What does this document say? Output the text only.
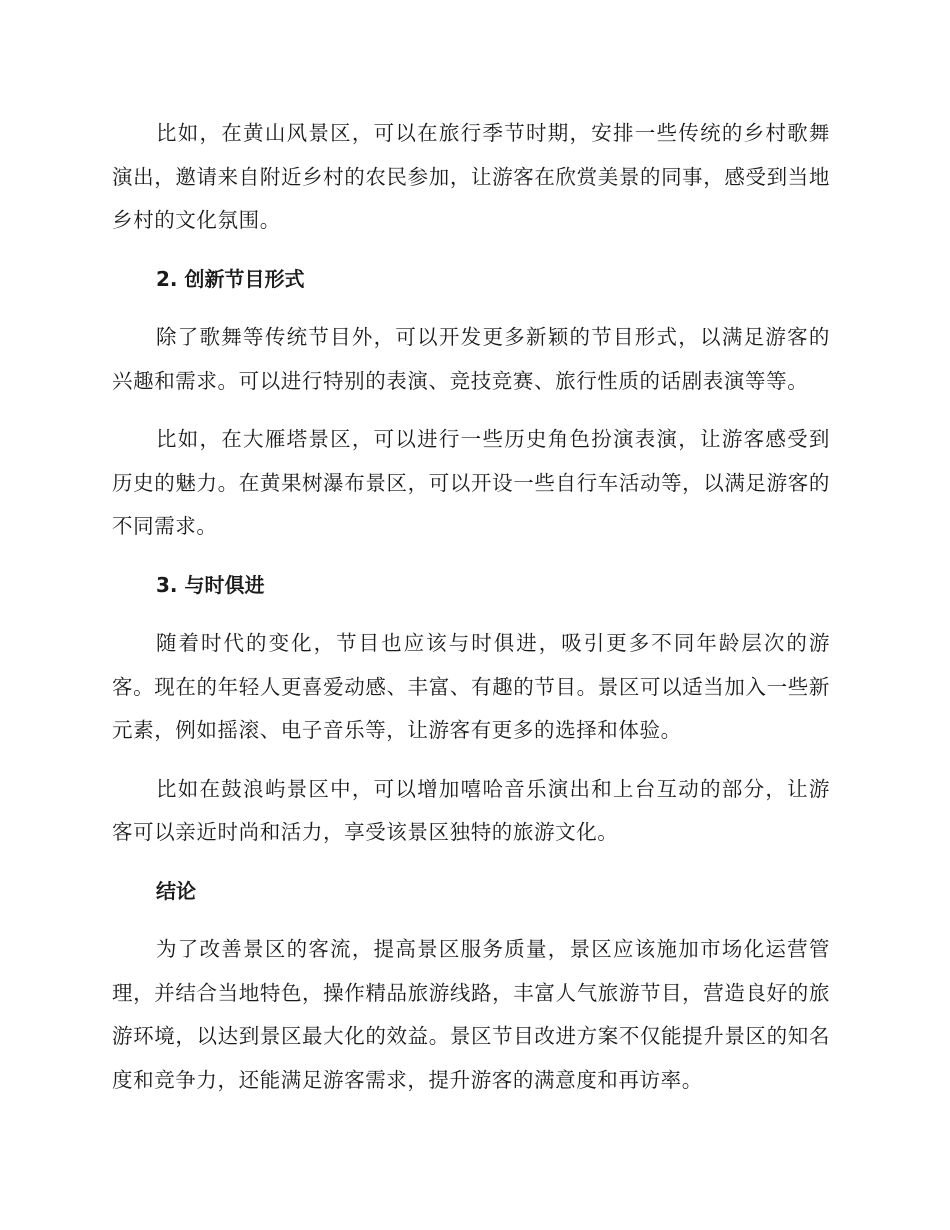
比如，在黄山风景区，可以在旅行季节时期，安排一些传统的乡村歌舞演出，邀请来自附近乡村的农民参加，让游客在欣赏美景的同事，感受到当地乡村的文化氛围。

2. 创新节目形式

除了歌舞等传统节目外，可以开发更多新颖的节目形式，以满足游客的兴趣和需求。可以进行特别的表演、竞技竞赛、旅行性质的话剧表演等等。

比如，在大雁塔景区，可以进行一些历史角色扮演表演，让游客感受到历史的魅力。在黄果树瀑布景区，可以开设一些自行车活动等，以满足游客的不同需求。

3. 与时俱进

随着时代的变化，节目也应该与时俱进，吸引更多不同年龄层次的游客。现在的年轻人更喜爱动感、丰富、有趣的节目。景区可以适当加入一些新元素，例如摇滚、电子音乐等，让游客有更多的选择和体验。

比如在鼓浪屿景区中，可以增加嘻哈音乐演出和上台互动的部分，让游客可以亲近时尚和活力，享受该景区独特的旅游文化。

结论

为了改善景区的客流，提高景区服务质量，景区应该施加市场化运营管理，并结合当地特色，操作精品旅游线路，丰富人气旅游节目，营造良好的旅游环境，以达到景区最大化的效益。景区节目改进方案不仅能提升景区的知名度和竞争力，还能满足游客需求，提升游客的满意度和再访率。
